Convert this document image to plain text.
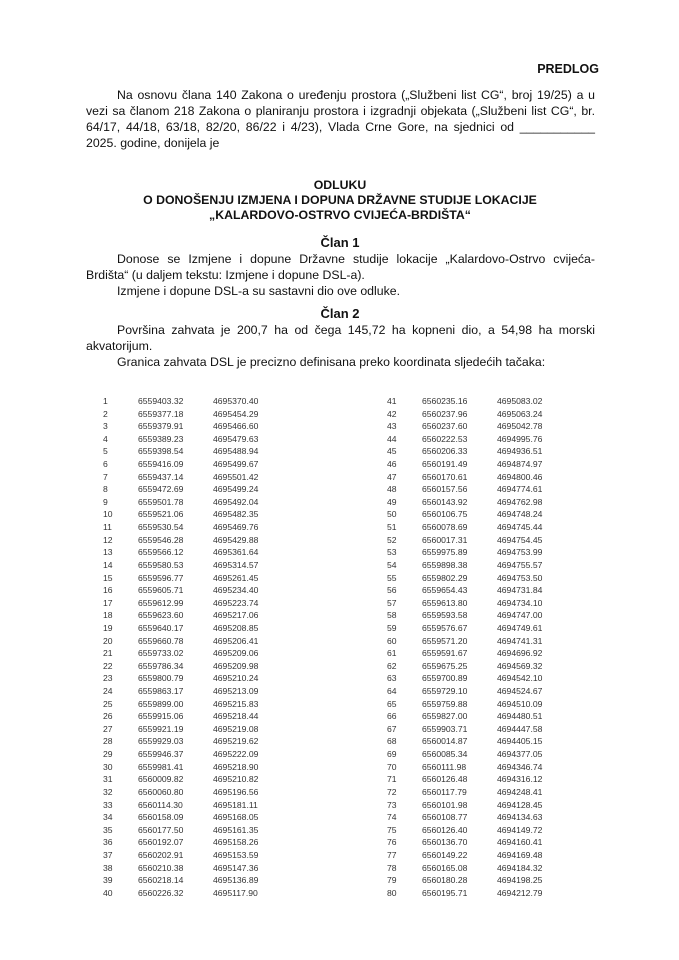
PREDLOG
Na osnovu člana 140 Zakona o uređenju prostora („Službeni list CG“, broj 19/25) a u vezi sa članom 218 Zakona o planiranju prostora i izgradnji objekata („Službeni list CG“, br. 64/17, 44/18, 63/18, 82/20, 86/22 i 4/23), Vlada Crne Gore, na sjednici od ___________ 2025. godine, donijela je
ODLUKU
O DONOŠENJU IZMJENA I DOPUNA DRŽAVNE STUDIJE LOKACIJE „KALARDOVO-OSTRVO CVIJEĆA-BRDIŠTA“
Član 1
Donose se Izmjene i dopune Državne studije lokacije „Kalardovo-Ostrvo cvijeća-Brdišta“ (u daljem tekstu: Izmjene i dopune DSL-a).
Izmjene i dopune DSL-a su sastavni dio ove odluke.
Član 2
Površina zahvata je 200,7 ha od čega 145,72 ha kopneni dio, a 54,98 ha morski akvatorijum.
Granica zahvata DSL je precizno definisana preko koordinata sljedećih tačaka:
1	6559403.32	4695370.40
2	6559377.18	4695454.29
3	6559379.91	4695466.60
4	6559389.23	4695479.63
5	6559398.54	4695488.94
6	6559416.09	4695499.67
7	6559437.14	4695501.42
8	6559472.69	4695499.24
9	6559501.78	4695492.04
10	6559521.06	4695482.35
11	6559530.54	4695469.76
12	6559546.28	4695429.88
13	6559566.12	4695361.64
14	6559580.53	4695314.57
15	6559596.77	4695261.45
16	6559605.71	4695234.40
17	6559612.99	4695223.74
18	6559623.60	4695217.06
19	6559640.17	4695208.85
20	6559660.78	4695206.41
21	6559733.02	4695209.06
22	6559786.34	4695209.98
23	6559800.79	4695210.24
24	6559863.17	4695213.09
25	6559899.00	4695215.83
26	6559915.06	4695218.44
27	6559921.19	4695219.08
28	6559929.03	4695219.62
29	6559946.37	4695222.09
30	6559981.41	4695218.90
31	6560009.82	4695210.82
32	6560060.80	4695196.56
33	6560114.30	4695181.11
34	6560158.09	4695168.05
35	6560177.50	4695161.35
36	6560192.07	4695158.26
37	6560202.91	4695153.59
38	6560210.38	4695147.36
39	6560218.14	4695136.89
40	6560226.32	4695117.90
41	6560235.16	4695083.02
42	6560237.96	4695063.24
43	6560237.60	4695042.78
44	6560222.53	4694995.76
45	6560206.33	4694936.51
46	6560191.49	4694874.97
47	6560170.61	4694800.46
48	6560157.56	4694774.61
49	6560143.92	4694762.98
50	6560106.75	4694748.24
51	6560078.69	4694745.44
52	6560017.31	4694754.45
53	6559975.89	4694753.99
54	6559898.38	4694755.57
55	6559802.29	4694753.50
56	6559654.43	4694731.84
57	6559613.80	4694734.10
58	6559593.58	4694747.00
59	6559576.67	4694749.61
60	6559571.20	4694741.31
61	6559591.67	4694696.92
62	6559675.25	4694569.32
63	6559700.89	4694542.10
64	6559729.10	4694524.67
65	6559759.88	4694510.09
66	6559827.00	4694480.51
67	6559903.71	4694447.58
68	6560014.87	4694405.15
69	6560085.34	4694377.05
70	6560111.98	4694346.74
71	6560126.48	4694316.12
72	6560117.79	4694248.41
73	6560101.98	4694128.45
74	6560108.77	4694134.63
75	6560126.40	4694149.72
76	6560136.70	4694160.41
77	6560149.22	4694169.48
78	6560165.08	4694184.32
79	6560180.28	4694198.25
80	6560195.71	4694212.79
